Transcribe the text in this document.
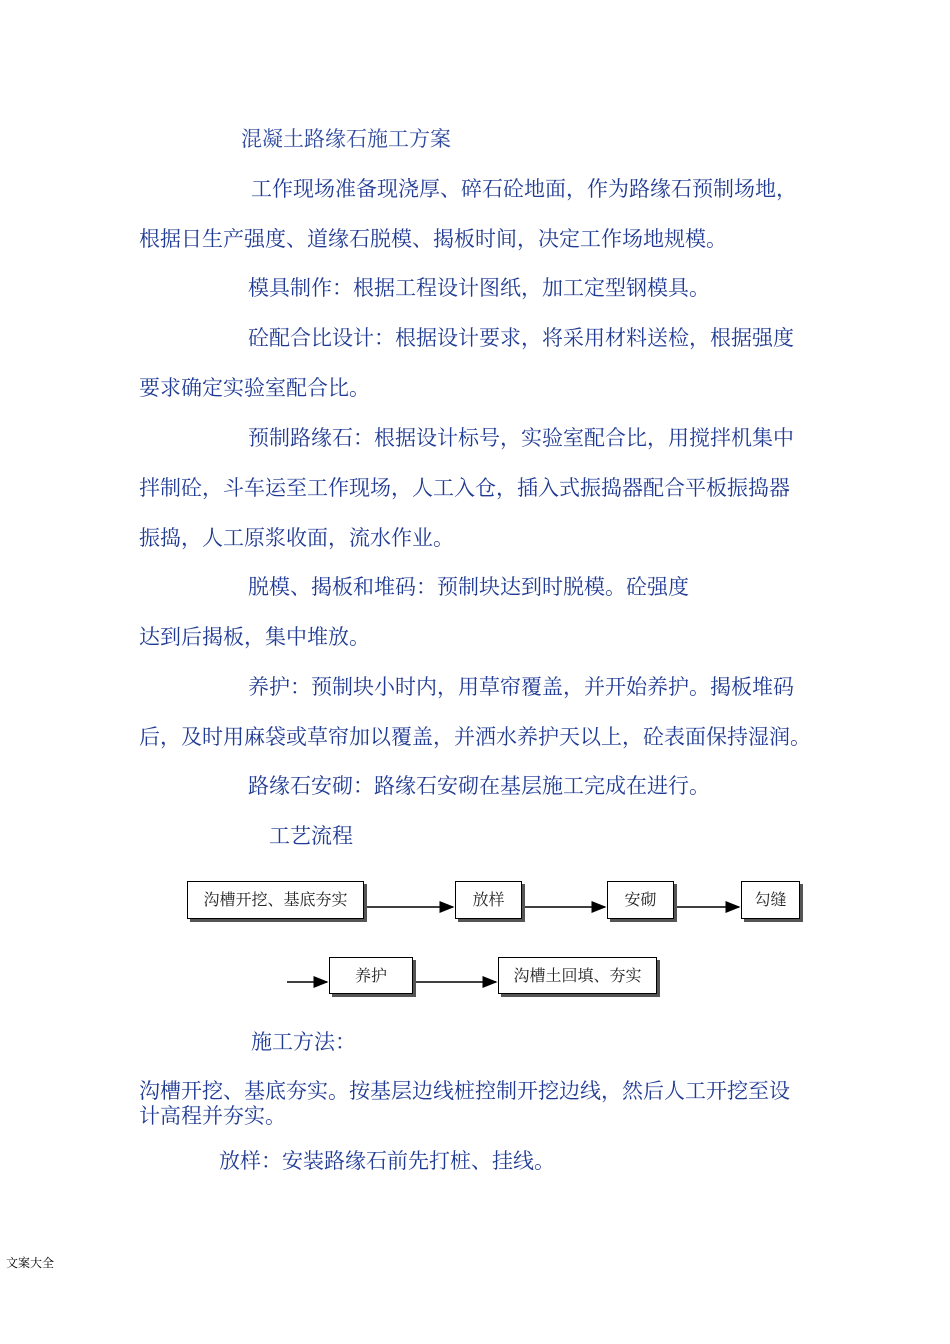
混凝土路缘石施工方案
工作现场准备现浇厚、碎石砼地面，作为路缘石预制场地，
根据日生产强度、道缘石脱模、揭板时间，决定工作场地规模。
模具制作：根据工程设计图纸，加工定型钢模具。
砼配合比设计：根据设计要求，将采用材料送检，根据强度
要求确定实验室配合比。
预制路缘石：根据设计标号，实验室配合比，用搅拌机集中
拌制砼，斗车运至工作现场，人工入仓，插入式振捣器配合平板振捣器
振捣，人工原浆收面，流水作业。
脱模、揭板和堆码：预制块达到时脱模。砼强度
达到后揭板，集中堆放。
养护：预制块小时内，用草帘覆盖，并开始养护。揭板堆码
后，及时用麻袋或草帘加以覆盖，并洒水养护天以上，砼表面保持湿润。
路缘石安砌：路缘石安砌在基层施工完成在进行。
工艺流程
沟槽开挖、基底夯实	放样	安砌	勾缝
养护	沟槽土回填、夯实
施工方法：
沟槽开挖、基底夯实。按基层边线桩控制开挖边线，然后人工开挖至设
计高程并夯实。
放样：安装路缘石前先打桩、挂线。
文案大全
